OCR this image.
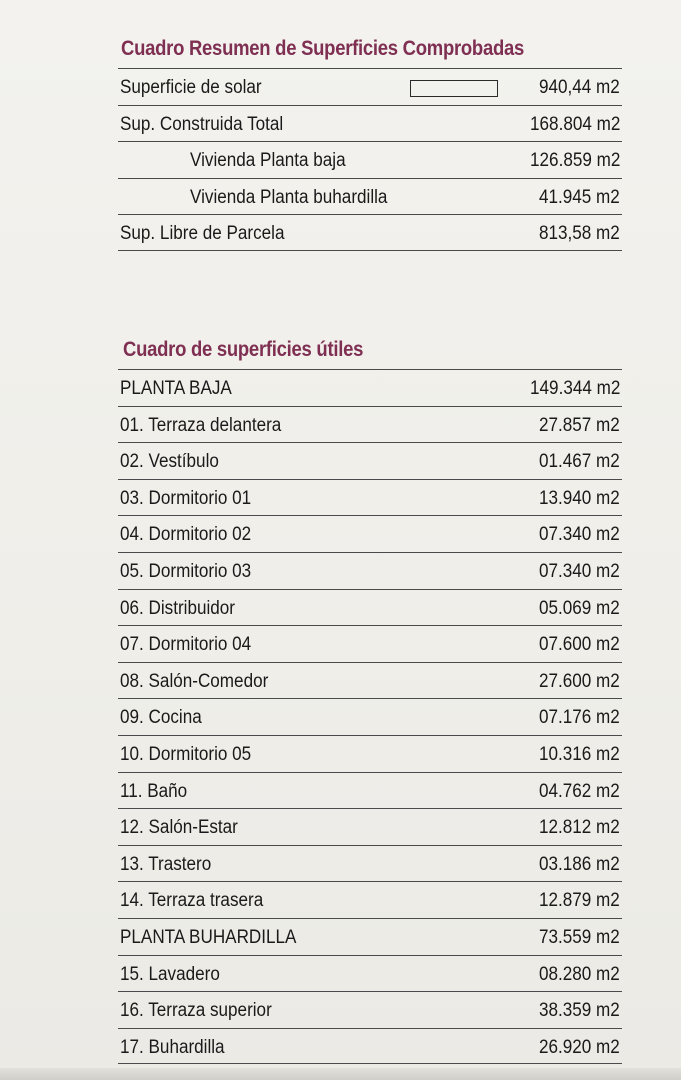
Cuadro Resumen de Superficies Comprobadas
Superficie de solar	940,44 m2
Sup. Construida Total	168.804 m2
Vivienda Planta baja	126.859 m2
Vivienda Planta buhardilla	41.945 m2
Sup. Libre de Parcela	813,58 m2
Cuadro de superficies útiles
PLANTA BAJA	149.344 m2
01. Terraza delantera	27.857 m2
02. Vestíbulo	01.467 m2
03. Dormitorio 01	13.940 m2
04. Dormitorio 02	07.340 m2
05. Dormitorio 03	07.340 m2
06. Distribuidor	05.069 m2
07. Dormitorio 04	07.600 m2
08. Salón-Comedor	27.600 m2
09. Cocina	07.176 m2
10. Dormitorio 05	10.316 m2
11. Baño	04.762 m2
12. Salón-Estar	12.812 m2
13. Trastero	03.186 m2
14. Terraza trasera	12.879 m2
PLANTA BUHARDILLA	73.559 m2
15. Lavadero	08.280 m2
16. Terraza superior	38.359 m2
17. Buhardilla	26.920 m2
